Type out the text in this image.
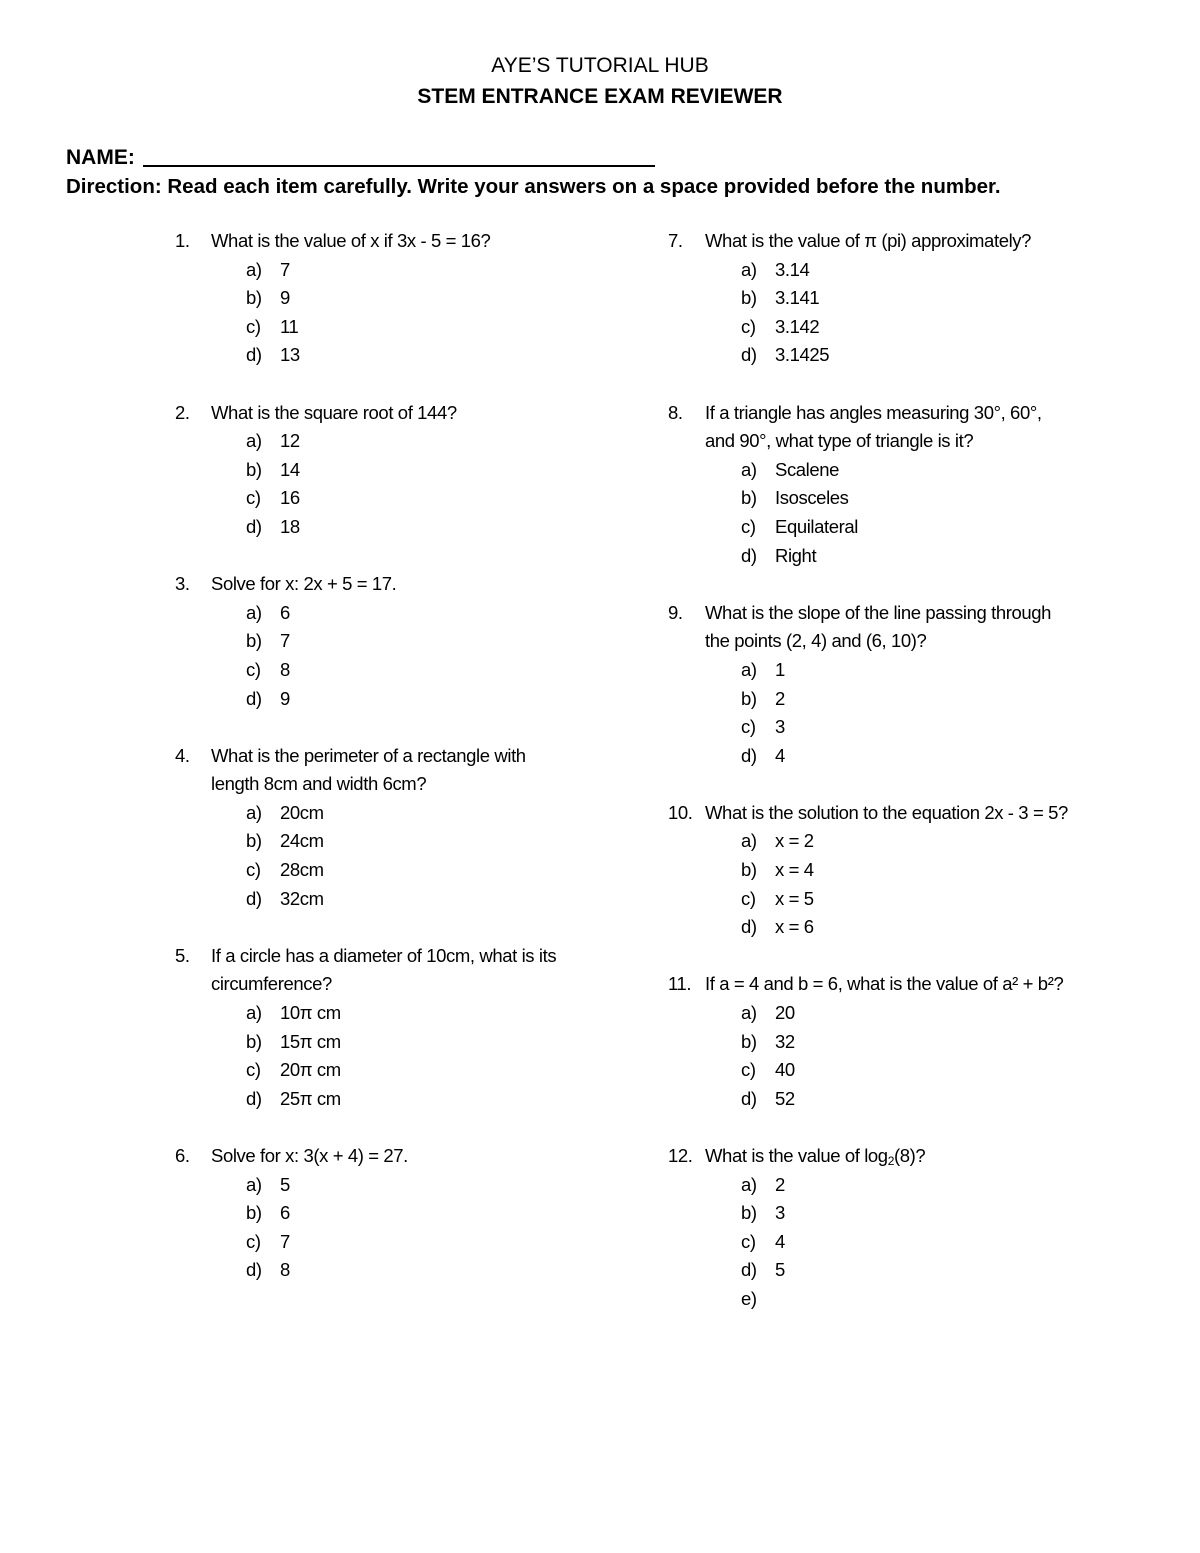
AYE’S TUTORIAL HUB
STEM ENTRANCE EXAM REVIEWER
NAME:
Direction: Read each item carefully. Write your answers on a space provided before the number.
1.	What is the value of x if 3x - 5 = 16?
a) 7
b) 9
c)	11
d) 13
2.	What is the square root of 144?
a) 12
b) 14
c)	16
d) 18
3.	Solve for x: 2x + 5 = 17.
a) 6
b) 7
c)	8
d) 9
4.	What is the perimeter of a rectangle with length 8cm and width 6cm?
a) 20cm
b) 24cm
c)	28cm
d) 32cm
5.	If a circle has a diameter of 10cm, what is its circumference?
a) 10π cm
b) 15π cm
c)	20π cm
d) 25π cm
6.	Solve for x: 3(x + 4) = 27.
a) 5
b) 6
c)	7
d) 8
7.	What is the value of π (pi) approximately?
a) 3.14
b) 3.141
c)	3.142
d) 3.1425
8.	If a triangle has angles measuring 30°, 60°, and 90°, what type of triangle is it?
a) Scalene
b) Isosceles
c)	Equilateral
d) Right
9.	What is the slope of the line passing through the points (2, 4) and (6, 10)?
a) 1
b) 2
c)	3
d) 4
10. What is the solution to the equation 2x - 3 = 5?
a) x = 2
b) x = 4
c)	x = 5
d) x = 6
11. If a = 4 and b = 6, what is the value of a² + b²?
a) 20
b) 32
c)	40
d) 52
12. What is the value of $\log_2(8)$?
a) 2
b) 3
c)	4
d) 5
e)
